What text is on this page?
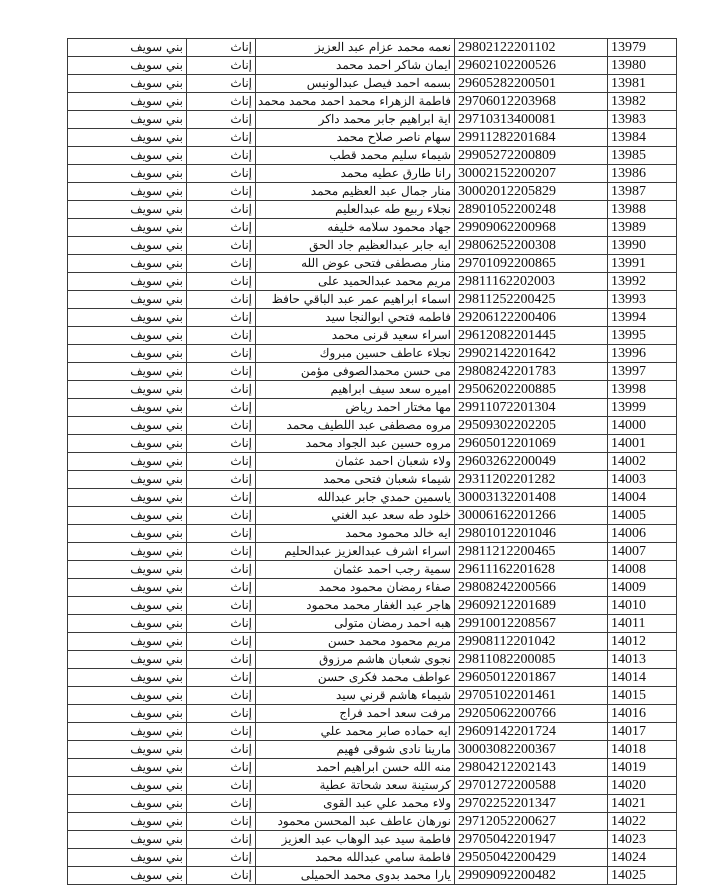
13979	29802122201102	نعمه محمد عزام عبد العزيز	إناث	بني سويف
13980	29602102200526	ايمان شاكر احمد محمد	إناث	بني سويف
13981	29605282200501	بسمه احمد فيصل عبدالونيس	إناث	بني سويف
13982	29706012203968	فاطمة الزهراء محمد احمد محمد محمد	إناث	بني سويف
13983	29710313400081	اية ابراهيم جابر محمد داكر	إناث	بني سويف
13984	29911282201684	سهام ناصر صلاح محمد	إناث	بني سويف
13985	29905272200809	شيماء سليم محمد قطب	إناث	بني سويف
13986	30002152200207	رانا طارق عطيه محمد	إناث	بني سويف
13987	30002012205829	منار جمال عبد العظيم محمد	إناث	بني سويف
13988	28901052200248	نجلاء ربيع طه عبدالعليم	إناث	بني سويف
13989	29909062200968	جهاد محمود سلامه خليفه	إناث	بني سويف
13990	29806252200308	ايه جابر عبدالعظيم جاد الحق	إناث	بني سويف
13991	29701092200865	منار مصطفى فتحى عوض الله	إناث	بني سويف
13992	29811162202003	مريم محمد عبدالحميد على	إناث	بني سويف
13993	29811252200425	اسماء ابراهيم عمر عبد الباقي حافظ	إناث	بني سويف
13994	29206122200406	فاطمه فتحي ابوالنجا سيد	إناث	بني سويف
13995	29612082201445	اسراء سعيد قرنى محمد	إناث	بني سويف
13996	29902142201642	نجلاء عاطف حسين مبروك	إناث	بني سويف
13997	29808242201783	مى حسن محمدالصوفى مؤمن	إناث	بني سويف
13998	29506202200885	اميره سعد سيف ابراهيم	إناث	بني سويف
13999	29911072201304	مها مختار احمد رياض	إناث	بني سويف
14000	29509302202205	مروه مصطفى عبد اللطيف محمد	إناث	بني سويف
14001	29605012201069	مروه حسين عبد الجواد محمد	إناث	بني سويف
14002	29603262200049	ولاء شعبان احمد عثمان	إناث	بني سويف
14003	29311202201282	شيماء شعبان فتحى محمد	إناث	بني سويف
14004	30003132201408	ياسمين حمدي جابر عبدالله	إناث	بني سويف
14005	30006162201266	خلود طه سعد عبد الغني	إناث	بني سويف
14006	29801012201046	ايه خالد محمود محمد	إناث	بني سويف
14007	29811212200465	اسراء اشرف عبدالعزيز عبدالحليم	إناث	بني سويف
14008	29611162201628	سمية رجب احمد عثمان	إناث	بني سويف
14009	29808242200566	صفاء رمضان محمود محمد	إناث	بني سويف
14010	29609212201689	هاجر عبد الغفار محمد محمود	إناث	بني سويف
14011	29910012208567	هبه احمد رمضان متولى	إناث	بني سويف
14012	29908112201042	مريم محمود محمد حسن	إناث	بني سويف
14013	29811082200085	نجوى شعبان هاشم مرزوق	إناث	بني سويف
14014	29605012201867	عواطف محمد فكرى حسن	إناث	بني سويف
14015	29705102201461	شيماء هاشم قرني سيد	إناث	بني سويف
14016	29205062200766	مرفت سعد احمد فراج	إناث	بني سويف
14017	29609142201724	ايه حماده صابر محمد علي	إناث	بني سويف
14018	30003082200367	مارينا نادى شوقى فهيم	إناث	بني سويف
14019	29804212202143	منه الله حسن ابراهيم احمد	إناث	بني سويف
14020	29701272200588	كرستينة سعد شحاتة عطية	إناث	بني سويف
14021	29702252201347	ولاء محمد علي عبد القوى	إناث	بني سويف
14022	29712052200627	نورهان عاطف عبد المحسن محمود	إناث	بني سويف
14023	29705042201947	فاطمة سيد عبد الوهاب عبد العزيز	إناث	بني سويف
14024	29505042200429	فاطمة سامي عبدالله محمد	إناث	بني سويف
14025	29909092200482	يارا محمد بدوى محمد الحميلى	إناث	بني سويف
